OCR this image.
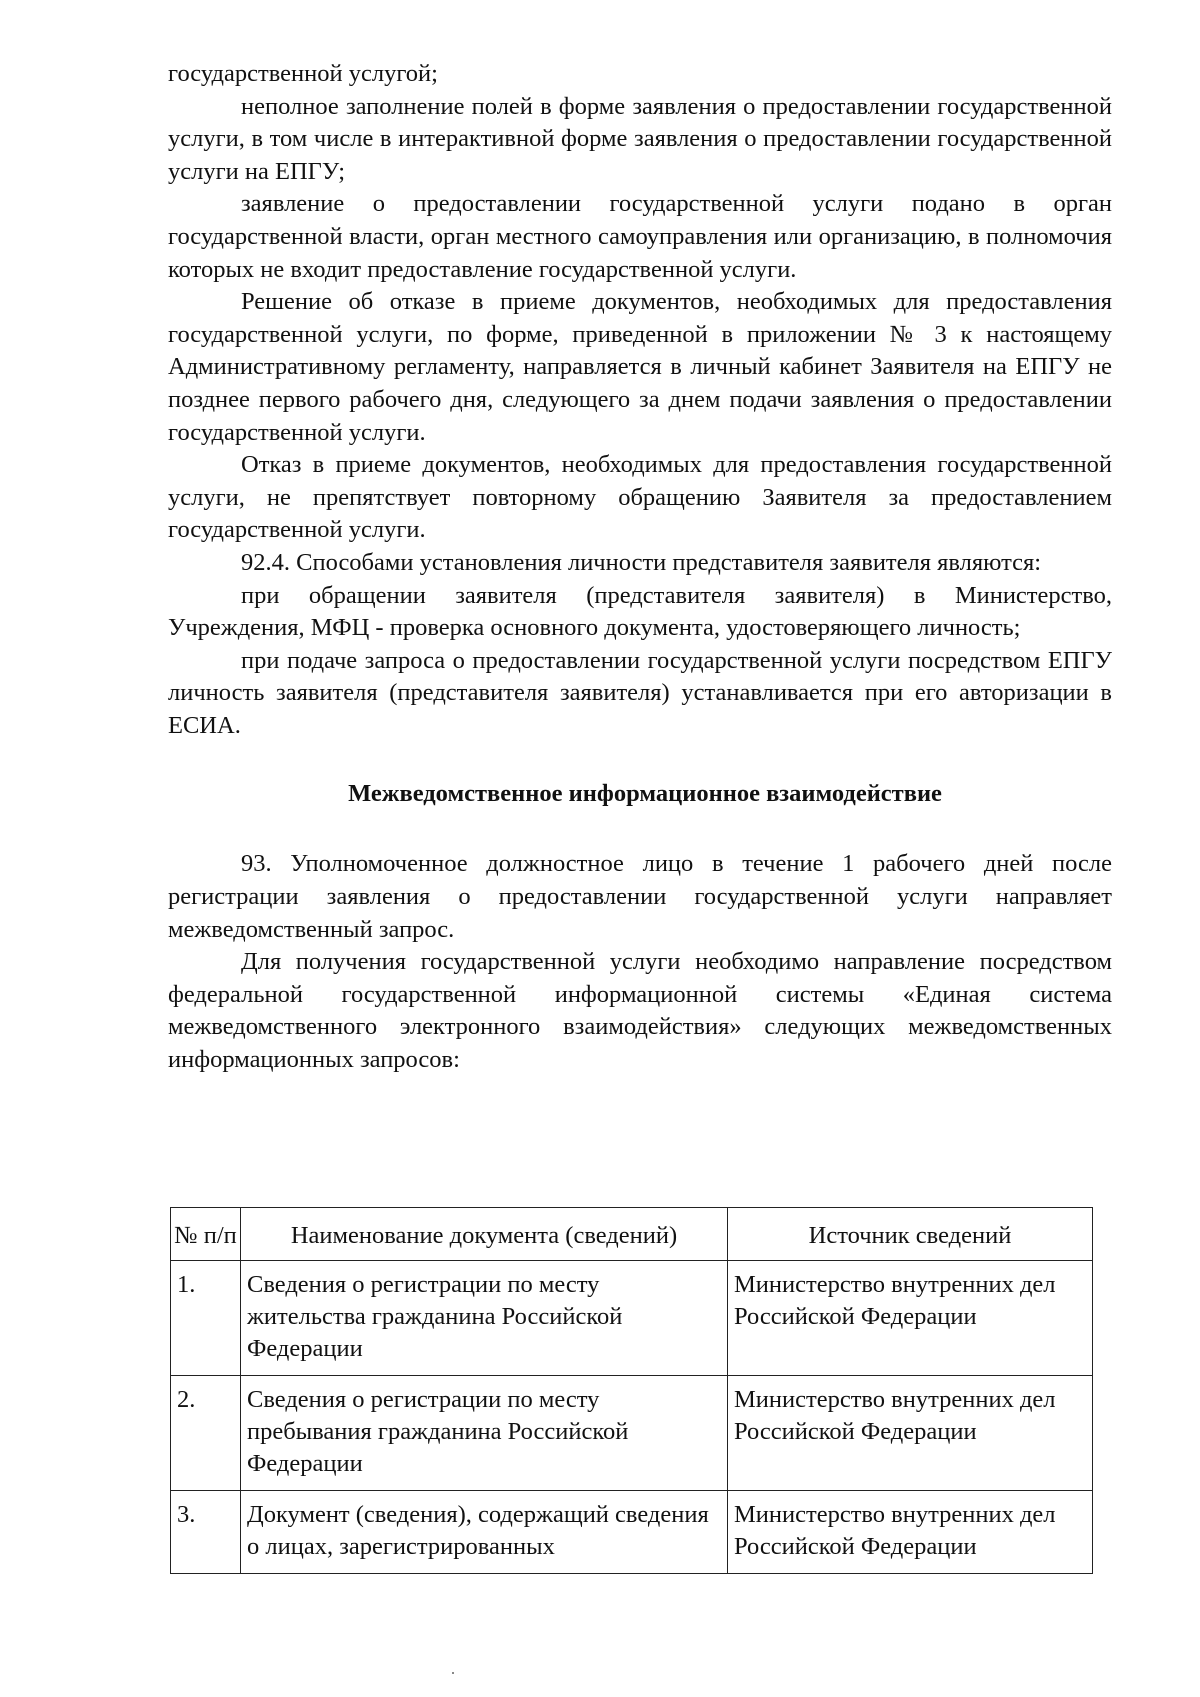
государственной услугой;

неполное заполнение полей в форме заявления о предоставлении государственной услуги, в том числе в интерактивной форме заявления о предоставлении государственной услуги на ЕПГУ;

заявление о предоставлении государственной услуги подано в орган государственной власти, орган местного самоуправления или организацию, в полномочия которых не входит предоставление государственной услуги.

Решение об отказе в приеме документов, необходимых для предоставления государственной услуги, по форме, приведенной в приложении № 3 к настоящему Административному регламенту, направляется в личный кабинет Заявителя на ЕПГУ не позднее первого рабочего дня, следующего за днем подачи заявления о предоставлении государственной услуги.

Отказ в приеме документов, необходимых для предоставления государственной услуги, не препятствует повторному обращению Заявителя за предоставлением государственной услуги.

92.4. Способами установления личности представителя заявителя являются:

при обращении заявителя (представителя заявителя) в Министерство, Учреждения, МФЦ - проверка основного документа, удостоверяющего личность;

при подаче запроса о предоставлении государственной услуги посредством ЕПГУ личность заявителя (представителя заявителя) устанавливается при его авторизации в ЕСИА.

Межведомственное информационное взаимодействие

93. Уполномоченное должностное лицо в течение 1 рабочего дней после регистрации заявления о предоставлении государственной услуги направляет межведомственный запрос.

Для получения государственной услуги необходимо направление посредством федеральной государственной информационной системы «Единая система межведомственного электронного взаимодействия» следующих межведомственных информационных запросов:

№ п/п	Наименование документа (сведений)	Источник сведений
1.	Сведения о регистрации по месту жительства гражданина Российской Федерации	Министерство внутренних дел Российской Федерации
2.	Сведения о регистрации по месту пребывания гражданина Российской Федерации	Министерство внутренних дел Российской Федерации
3.	Документ (сведения), содержащий сведения о лицах, зарегистрированных	Министерство внутренних дел Российской Федерации
